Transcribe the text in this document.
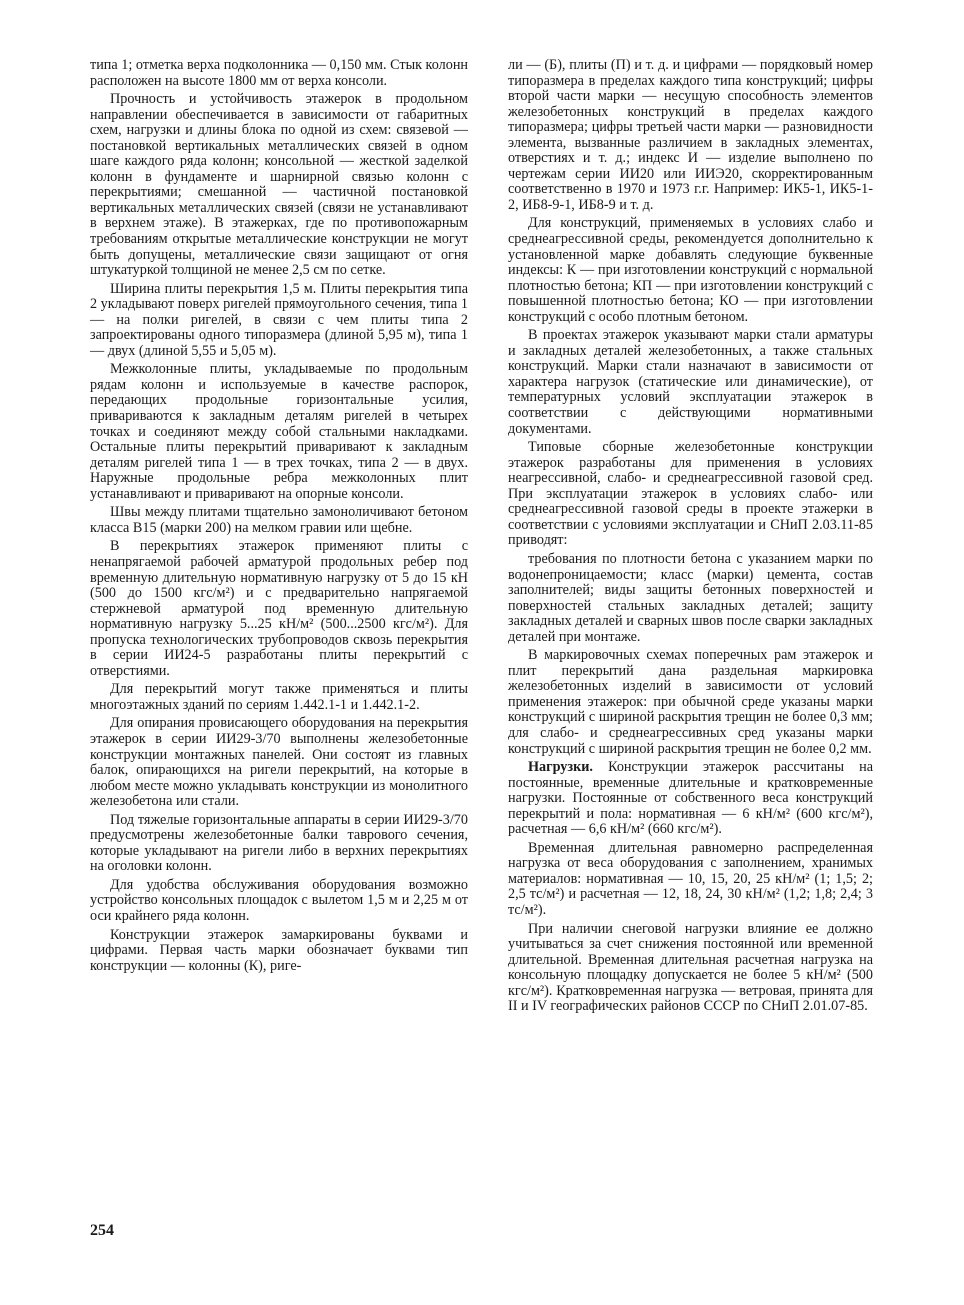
типа 1; отметка верха подколонника — 0,150 мм. Стык колонн расположен на высоте 1800 мм от верха консоли.

Прочность и устойчивость этажерок в продольном направлении обеспечивается в зависимости от габаритных схем, нагрузки и длины блока по одной из схем: связевой — постановкой вертикальных металлических связей в одном шаге каждого ряда колонн; консольной — жесткой заделкой колонн в фундаменте и шарнирной связью колонн с перекрытиями; смешанной — частичной постановкой вертикальных металлических связей (связи не устанавливают в верхнем этаже). В этажерках, где по противопожарным требованиям открытые металлические конструкции не могут быть допущены, металлические связи защищают от огня штукатуркой толщиной не менее 2,5 см по сетке.

Ширина плиты перекрытия 1,5 м. Плиты перекрытия типа 2 укладывают поверх ригелей прямоугольного сечения, типа 1 — на полки ригелей, в связи с чем плиты типа 2 запроектированы одного типоразмера (длиной 5,95 м), типа 1 — двух (длиной 5,55 и 5,05 м).

Межколонные плиты, укладываемые по продольным рядам колонн и используемые в качестве распорок, передающих продольные горизонтальные усилия, привариваются к закладным деталям ригелей в четырех точках и соединяют между собой стальными накладками. Остальные плиты перекрытий приваривают к закладным деталям ригелей типа 1 — в трех точках, типа 2 — в двух. Наружные продольные ребра межколонных плит устанавливают и приваривают на опорные консоли.

Швы между плитами тщательно замоноличивают бетоном класса В15 (марки 200) на мелком гравии или щебне.

В перекрытиях этажерок применяют плиты с ненапрягаемой рабочей арматурой продольных ребер под временную длительную нормативную нагрузку от 5 до 15 кН (500 до 1500 кгс/м²) и с предварительно напрягаемой стержневой арматурой под временную длительную нормативную нагрузку 5...25 кН/м² (500...2500 кгс/м²). Для пропуска технологических трубопроводов сквозь перекрытия в серии ИИ24-5 разработаны плиты перекрытий с отверстиями.

Для перекрытий могут также применяться и плиты многоэтажных зданий по сериям 1.442.1-1 и 1.442.1-2.

Для опирания провисающего оборудования на перекрытия этажерок в серии ИИ29-3/70 выполнены железобетонные конструкции монтажных панелей. Они состоят из главных балок, опирающихся на ригели перекрытий, на которые в любом месте можно укладывать конструкции из монолитного железобетона или стали.

Под тяжелые горизонтальные аппараты в серии ИИ29-3/70 предусмотрены железобетонные балки таврового сечения, которые укладывают на ригели либо в верхних перекрытиях на оголовки колонн.

Для удобства обслуживания оборудования возможно устройство консольных площадок с вылетом 1,5 м и 2,25 м от оси крайнего ряда колонн.

Конструкции этажерок замаркированы буквами и цифрами. Первая часть марки обозначает буквами тип конструкции — колонны (К), риге-

ли — (Б), плиты (П) и т. д. и цифрами — порядковый номер типоразмера в пределах каждого типа конструкций; цифры второй части марки — несущую способность элементов железобетонных конструкций в пределах каждого типоразмера; цифры третьей части марки — разновидности элемента, вызванные различием в закладных элементах, отверстиях и т. д.; индекс И — изделие выполнено по чертежам серии ИИ20 или ИИЭ20, скорректированным соответственно в 1970 и 1973 г.г. Например: ИК5-1, ИК5-1-2, ИБ8-9-1, ИБ8-9 и т. д.

Для конструкций, применяемых в условиях слабо и среднеагрессивной среды, рекомендуется дополнительно к установленной марке добавлять следующие буквенные индексы: К — при изготовлении конструкций с нормальной плотностью бетона; КП — при изготовлении конструкций с повышенной плотностью бетона; КО — при изготовлении конструкций с особо плотным бетоном.

В проектах этажерок указывают марки стали арматуры и закладных деталей железобетонных, а также стальных конструкций. Марки стали назначают в зависимости от характера нагрузок (статические или динамические), от температурных условий эксплуатации этажерок в соответствии с действующими нормативными документами.

Типовые сборные железобетонные конструкции этажерок разработаны для применения в условиях неагрессивной, слабо- и среднеагрессивной газовой сред. При эксплуатации этажерок в условиях слабо- или среднеагрессивной газовой среды в проекте этажерки в соответствии с условиями эксплуатации и СНиП 2.03.11-85 приводят:

требования по плотности бетона с указанием марки по водонепроницаемости; класс (марки) цемента, состав заполнителей; виды защиты бетонных поверхностей и поверхностей стальных закладных деталей; защиту закладных деталей и сварных швов после сварки закладных деталей при монтаже.

В маркировочных схемах поперечных рам этажерок и плит перекрытий дана раздельная маркировка железобетонных изделий в зависимости от условий применения этажерок: при обычной среде указаны марки конструкций с шириной раскрытия трещин не более 0,3 мм; для слабо- и среднеагрессивных сред указаны марки конструкций с шириной раскрытия трещин не более 0,2 мм.

Нагрузки. Конструкции этажерок рассчитаны на постоянные, временные длительные и кратковременные нагрузки. Постоянные от собственного веса конструкций перекрытий и пола: нормативная — 6 кН/м² (600 кгс/м²), расчетная — 6,6 кН/м² (660 кгс/м²).

Временная длительная равномерно распределенная нагрузка от веса оборудования с заполнением, хранимых материалов: нормативная — 10, 15, 20, 25 кН/м² (1; 1,5; 2; 2,5 тс/м²) и расчетная — 12, 18, 24, 30 кН/м² (1,2; 1,8; 2,4; 3 тс/м²).

При наличии снеговой нагрузки влияние ее должно учитываться за счет снижения постоянной или временной длительной. Временная длительная расчетная нагрузка на консольную площадку допускается не более 5 кН/м² (500 кгс/м²). Кратковременная нагрузка — ветровая, принята для II и IV географических районов СССР по СНиП 2.01.07-85.

254
